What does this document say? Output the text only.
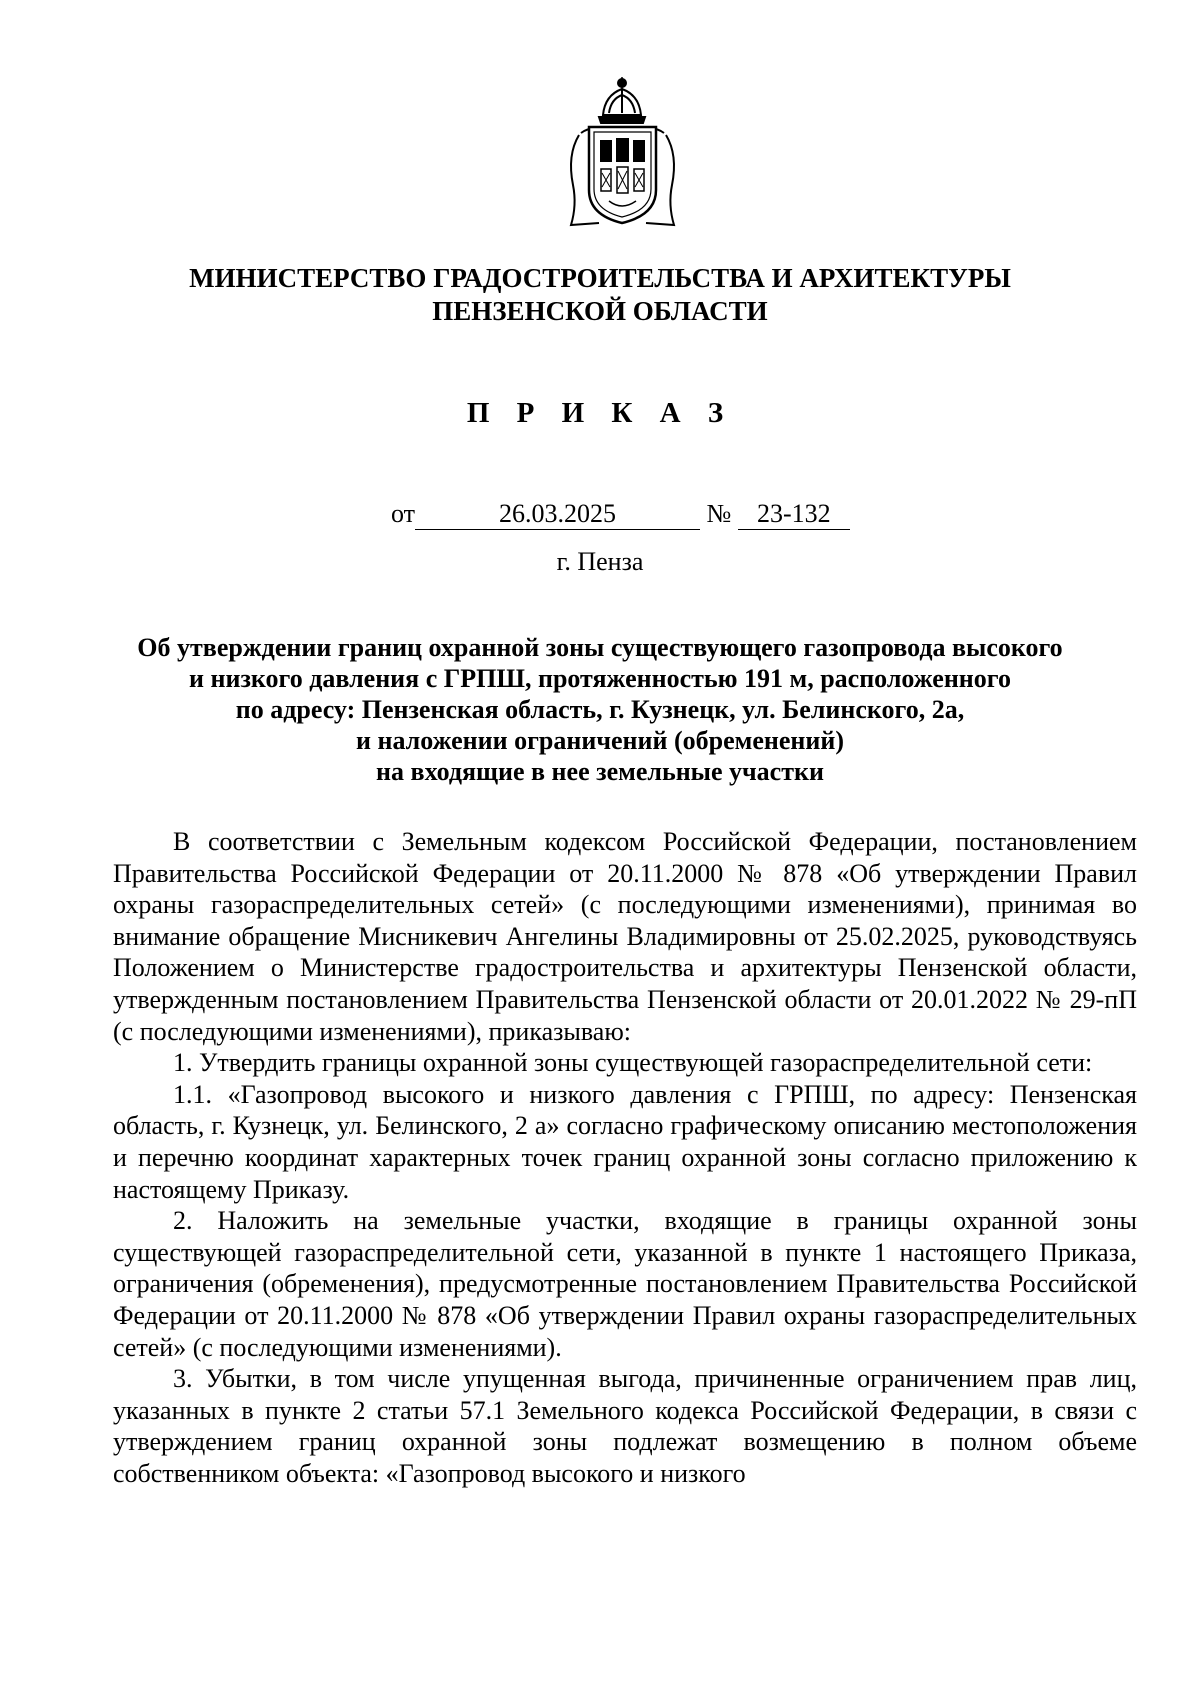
МИНИСТЕРСТВО ГРАДОСТРОИТЕЛЬСТВА И АРХИТЕКТУРЫ
ПЕНЗЕНСКОЙ ОБЛАСТИ
П Р И К А З
от	26.03.2025	№ 23-132
г. Пенза
Об утверждении границ охранной зоны существующего газопровода высокого
и низкого давления с ГРПШ, протяженностью 191 м, расположенного
по адресу: Пензенская область, г. Кузнецк, ул. Белинского, 2а,
и наложении ограничений (обременений)
на входящие в нее земельные участки

В соответствии с Земельным кодексом Российской Федерации, постановлением Правительства Российской Федерации от 20.11.2000 № 878 «Об утверждении Правил охраны газораспределительных сетей» (с последующими изменениями), принимая во внимание обращение Мисникевич Ангелины Владимировны от 25.02.2025, руководствуясь Положением о Министерстве градостроительства и архитектуры Пензенской области, утвержденным постановлением Правительства Пензенской области от 20.01.2022 № 29-пП (с последующими изменениями), приказываю:

1. Утвердить границы охранной зоны существующей газораспределительной сети:

1.1. «Газопровод высокого и низкого давления с ГРПШ, по адресу: Пензенская область, г. Кузнецк, ул. Белинского, 2 а» согласно графическому описанию местоположения и перечню координат характерных точек границ охранной зоны согласно приложению к настоящему Приказу.

2. Наложить на земельные участки, входящие в границы охранной зоны существующей газораспределительной сети, указанной в пункте 1 настоящего Приказа, ограничения (обременения), предусмотренные постановлением Правительства Российской Федерации от 20.11.2000 № 878 «Об утверждении Правил охраны газораспределительных сетей» (с последующими изменениями).

3. Убытки, в том числе упущенная выгода, причиненные ограничением прав лиц, указанных в пункте 2 статьи 57.1 Земельного кодекса Российской Федерации, в связи с утверждением границ охранной зоны подлежат возмещению в полном объеме собственником объекта: «Газопровод высокого и низкого
